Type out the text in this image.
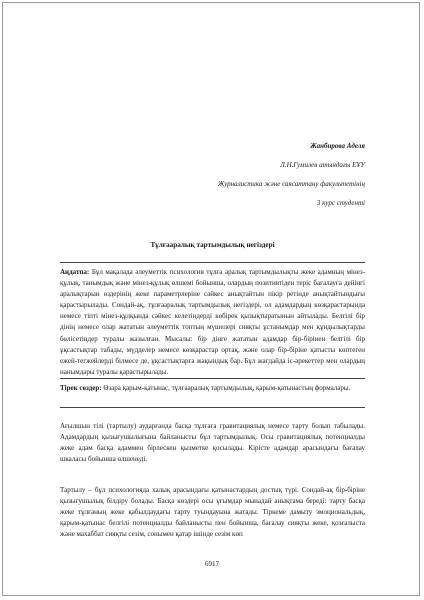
Жанбирова Аделя
Л.Н.Гумилев атындағы ЕҰУ
Журналистика және саясаттану факультетінің
3 курс студенті
Тұлғааралық тартымдылық негіздері

Аңдатпа: Бұл мақалада әлеуметтік психология тұлға аралық тартымдылықты жеке адамның мінез-құлық, танымдық және мінез-құлық өлшемі бойынша, олардың позитивтіден теріс бағалауға дейінгі аралықтарын өздерінің жеке параметрлеріне сәйкес анықтайтын пікір ретінде анықтайтындығы қарастырылады. Сондай-ақ, тұлғааралық тартымдылық негіздері, ол адамдардың көзқарастарында немесе тіпті мінез-құлқында сәйкес келетіндерді көбірек қызықтыратынын айтылады. Белгілі бір дінің немесе олар жататын әлеуметтік топтың мүшелері сияқты ұстанымдар мен құндылықтарды бөлісетіндер туралы жазылған. Мысалы: бір дінге жататын адамдар бір-бірінен белгілі бір ұқсастықтар табады, мүдделер немесе көзқарастар ортақ, және олар бір-біріне қатысты көптеген ежей-тегжейлерді білмесе де, ұқсастықтарға жақындық бар. Бұл жағдайда іс-әрекеттер мен олардың нанымдары туралы қарастырылады.

Тірек сөздер: Өзара қарым-қатынас, тұлғааралық тартымдылық, қарым-қатынастың формалары.

Ағылшын тілі (тартылу) аударғанда басқа тұлғаға гравитациялық немесе тарту болып табылады. Адамдардың қызығушылығына байланысты бұл тартымдылық. Осы гравитациялық потенциалды жеке адам басқа адаммен бірлескен қызметке қосылады. Кірісте адамдар арасындағы бағалау шкаласы бойынша өлшенеді.

Тартылу – бұл психологияда халық арасындағы қатынастардың достық түрі. Сондай-ақ бір-біріне қызығушылық білдіру болады. Басқа көздері осы ұғымдар мынадай анықтама береді: тарту басқа жеке тұлғаның жеке қабылдаудағы тарту туындауына жатады. Тіркеме дамыту эмоциональдық, қарым-қатынас белгілі потенциалды байланысты пен бойынша, бағалау сияқты жеке, қозғалыста және махаббат сияқты сезім, сонымен қатар ішінде сезім көп

6917
